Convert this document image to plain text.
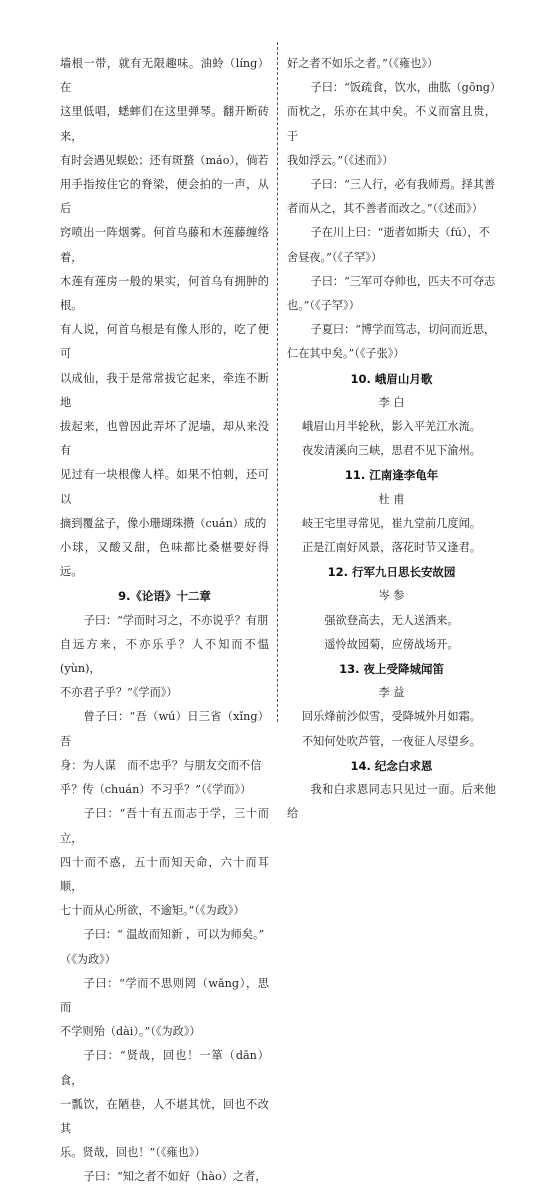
墙根一带，就有无限趣味。油蛉（líng）在

这里低唱，蟋蟀们在这里弹琴。翻开断砖来，

有时会遇见蜈蚣；还有斑蝥（máo），倘若

用手指按住它的脊梁，便会拍的一声，从后

窍喷出一阵烟雾。何首乌藤和木莲藤缠络着，

木莲有莲房一般的果实，何首乌有拥肿的根。

有人说，何首乌根是有像人形的，吃了便可

以成仙，我于是常常拔它起来，牵连不断地

拔起来，也曾因此弄坏了泥墙，却从来没有

见过有一块根像人样。如果不怕刺，还可以

摘到覆盆子，像小珊瑚珠攒（cuán）成的

小球，又酸又甜，色味都比桑椹要好得远。

9.《论语》十二章

子曰：“学而时习之，不亦说乎？有朋

自远方来，不亦乐乎？人不知而不愠(yùn)，

不亦君子乎？”《学而》）

曾子曰：“吾（wú）日三省（xǐng）吾

身：为人谋　而不忠乎？与朋友交而不信

乎？传（chuán）不习乎？”（《学而》）

子曰：“吾十有五而志于学，三十而立，

四十而不惑，五十而知天命，六十而耳顺，

七十而从心所欲，不逾矩。”（《为政》）

子曰：“ 温故而知新 ，可以为师矣。”

（《为政》）

子曰：“学而不思则罔（wǎng），思而

不学则殆（dài）。”（《为政》）

子曰：“贤哉，回也！一箪（dān）食，

一瓢饮，在陋巷，人不堪其忧，回也不改其

乐。贤哉，回也！”（《雍也》）

子曰：“知之者不如好（hào）之者，

好之者不如乐之者。”（《雍也》）

子曰：“饭疏食，饮水，曲肱（gōng）

而枕之，乐亦在其中矣。不义而富且贵，于

我如浮云。”（《述而》）

子曰：“三人行，必有我师焉。择其善

者而从之，其不善者而改之。”（《述而》）

子在川上曰：“逝者如斯夫（fú），不

舍昼夜。”（《子罕》）

子曰：“三军可夺帅也，匹夫不可夺志

也。”（《子罕》）

子夏曰：“博学而笃志，切问而近思，

仁在其中矣。”（《子张》）

10. 峨眉山月歌

李 白

峨眉山月半轮秋，影入平羌江水流。

夜发清溪向三峡，思君不见下渝州。

11. 江南逢李龟年

杜 甫

岐王宅里寻常见，崔九堂前几度闻。

正是江南好风景，落花时节又逢君。

12. 行军九日思长安故园

岑 参

强欲登高去，无人送酒来。

遥怜故园菊，应傍战场开。

13. 夜上受降城闻笛

李 益

回乐烽前沙似雪，受降城外月如霜。

不知何处吹芦管，一夜征人尽望乡。

14. 纪念白求恩

我和白求恩同志只见过一面。后来他给
